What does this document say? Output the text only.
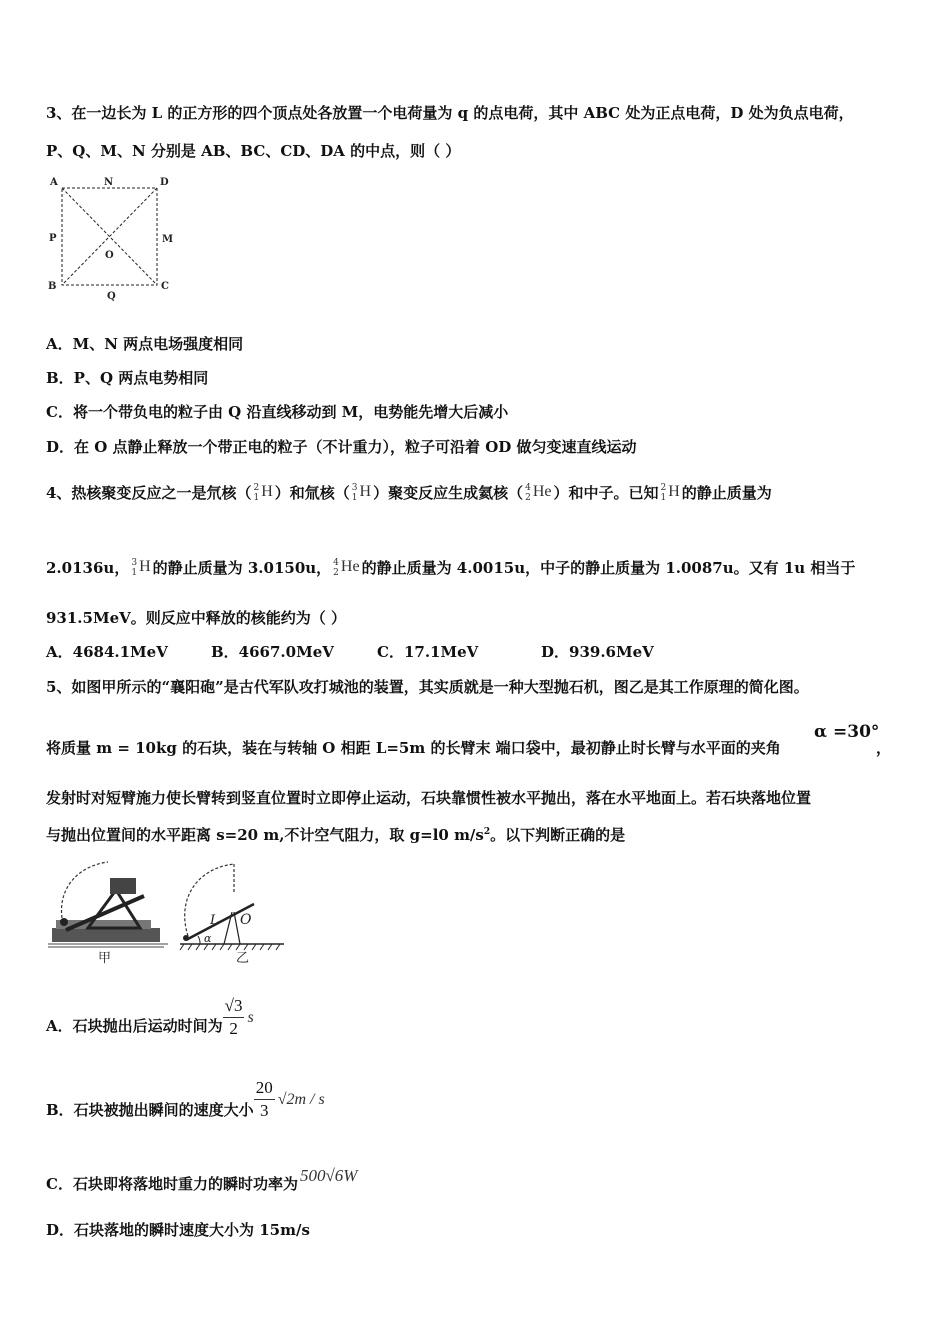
3、在一边长为 L 的正方形的四个顶点处各放置一个电荷量为 q 的点电荷，其中 ABC 处为正点电荷，D 处为负点电荷，
P、Q、M、N 分别是 AB、BC、CD、DA 的中点，则（ ）
A	N	D
P	M
O
B
Q
C
A．M、N 两点电场强度相同
B．P、Q 两点电势相同
C．将一个带负电的粒子由 Q 沿直线移动到 M，电势能先增大后减小
D．在 O 点静止释放一个带正电的粒子（不计重力），粒子可沿着 OD 做匀变速直线运动
4、热核聚变反应之一是氘核（ 2
1 H ）和氚核（ 3
1 H ）聚变反应生成氦核（ 4
2 He ）和中子。已知 2
1 H 的静止质量为
2.0136u， 3
1 H 的静止质量为 3.0150u， 4
2 He 的静止质量为 4.0015u，中子的静止质量为 1.0087u。又有 1u 相当于
931.5MeV。则反应中释放的核能约为（ ）
A．4684.1MeV	B．4667.0MeV	C．17.1MeV	D．939.6MeV
5、如图甲所示的“襄阳砲”是古代军队攻打城池的装置，其实质就是一种大型抛石机，图乙是其工作原理的简化图。
将质量 m = 10kg 的石块，装在与转轴 O 相距 L=5m 的长臂末 端口袋中，最初静止时长臂与水平面的夹角
α =30°
，
发射时对短臂施力使长臂转到竖直位置时立即停止运动，石块靠惯性被水平抛出，落在水平地面上。若石块落地位置
与抛出位置间的水平距离 s=20 m,不计空气阻力，取 g=l0 $m/s^2$。以下判断正确的是
甲
α
L O
乙
A．石块抛出后运动时间为 $\frac{√3}{2}$ s
B．石块被抛出瞬间的速度大小 $\frac{20}{3} √2m$ / s
C．石块即将落地时重力的瞬时功率为 500√6W
D．石块落地的瞬时速度大小为 15m/s
